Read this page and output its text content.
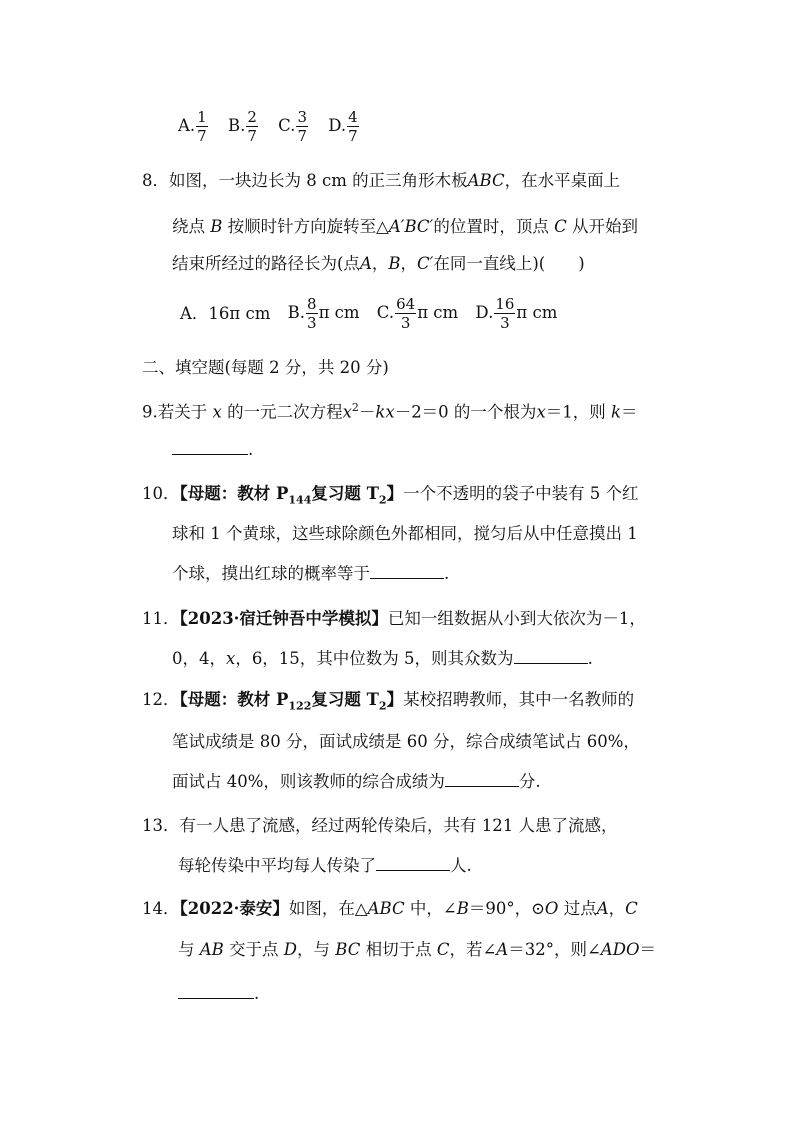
A. $\frac{1}{7} B$. $\frac{2}{7} C$. $\frac{3}{7} D$. $\frac{4}{7}$
8．如图，一块边长为 8 cm 的正三角形木板ABC，在水平桌面上
绕点 B 按顺时针方向旋转至△A′BC′的位置时，顶点 C 从开始到
结束所经过的路径长为(点A，B，C′在同一直线上)(　　)
A．16π cm B. $\frac{8}{3}$ π cm C. $\frac{64}{3}$ π cm D. $\frac{16}{3}$ π cm
二、填空题(每题 2 分，共 20 分)
9.若关于 x 的一元二次方程$x^2-kx-2=0$ 的一个根为x＝1，则 k＝
.
10．【母题：教材 $P_{144}$复习题 $T_2$】一个不透明的袋子中装有 5 个红
球和 1 个黄球，这些球除颜色外都相同，搅匀后从中任意摸出 1
个球，摸出红球的概率等于	.
11．【2023·宿迁钟吾中学模拟】已知一组数据从小到大依次为－1，
0，4，x，6，15，其中位数为 5，则其众数为	.
12．【母题：教材 $P_{122}$复习题 $T_2$】某校招聘教师，其中一名教师的
笔试成绩是 80 分，面试成绩是 60 分，综合成绩笔试占 60%，
面试占 40%，则该教师的综合成绩为	分.
13．有一人患了流感，经过两轮传染后，共有 121 人患了流感，
每轮传染中平均每人传染了	人.
14．【2022·泰安】如图，在△ABC 中，∠B＝90°，⊙O 过点A，C
与 AB 交于点 D，与 BC 相切于点 C，若∠A＝32°，则∠ADO＝
.
